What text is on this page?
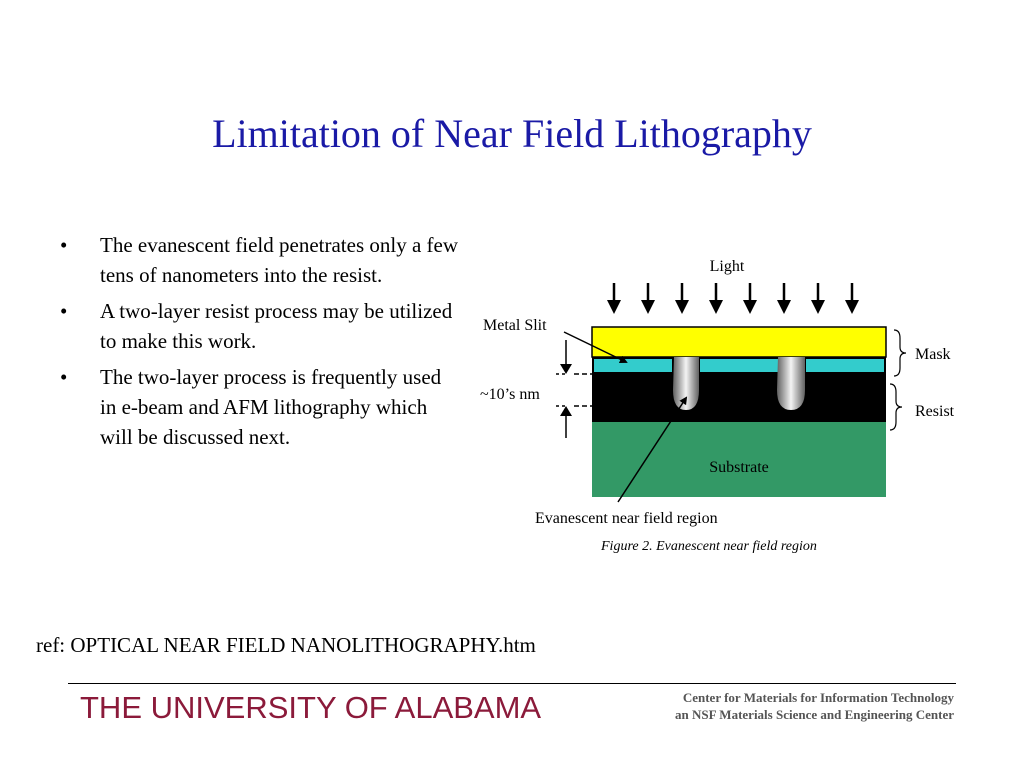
Limitation of Near Field Lithography
• The evanescent field penetrates only a few tens of nanometers into the resist.
• A two-layer resist process may be utilized to make this work.
• The two-layer process is frequently used in e-beam and AFM lithography which will be discussed next.
Light
Substrate
Metal Slit
~10’s nm
Mask
Resist
Evanescent near field region
Figure 2. Evanescent near field region
ref: OPTICAL NEAR FIELD NANOLITHOGRAPHY.htm
THE UNIVERSITY OF ALABAMA	Center for Materials for Information Technology
an NSF Materials Science and Engineering Center
